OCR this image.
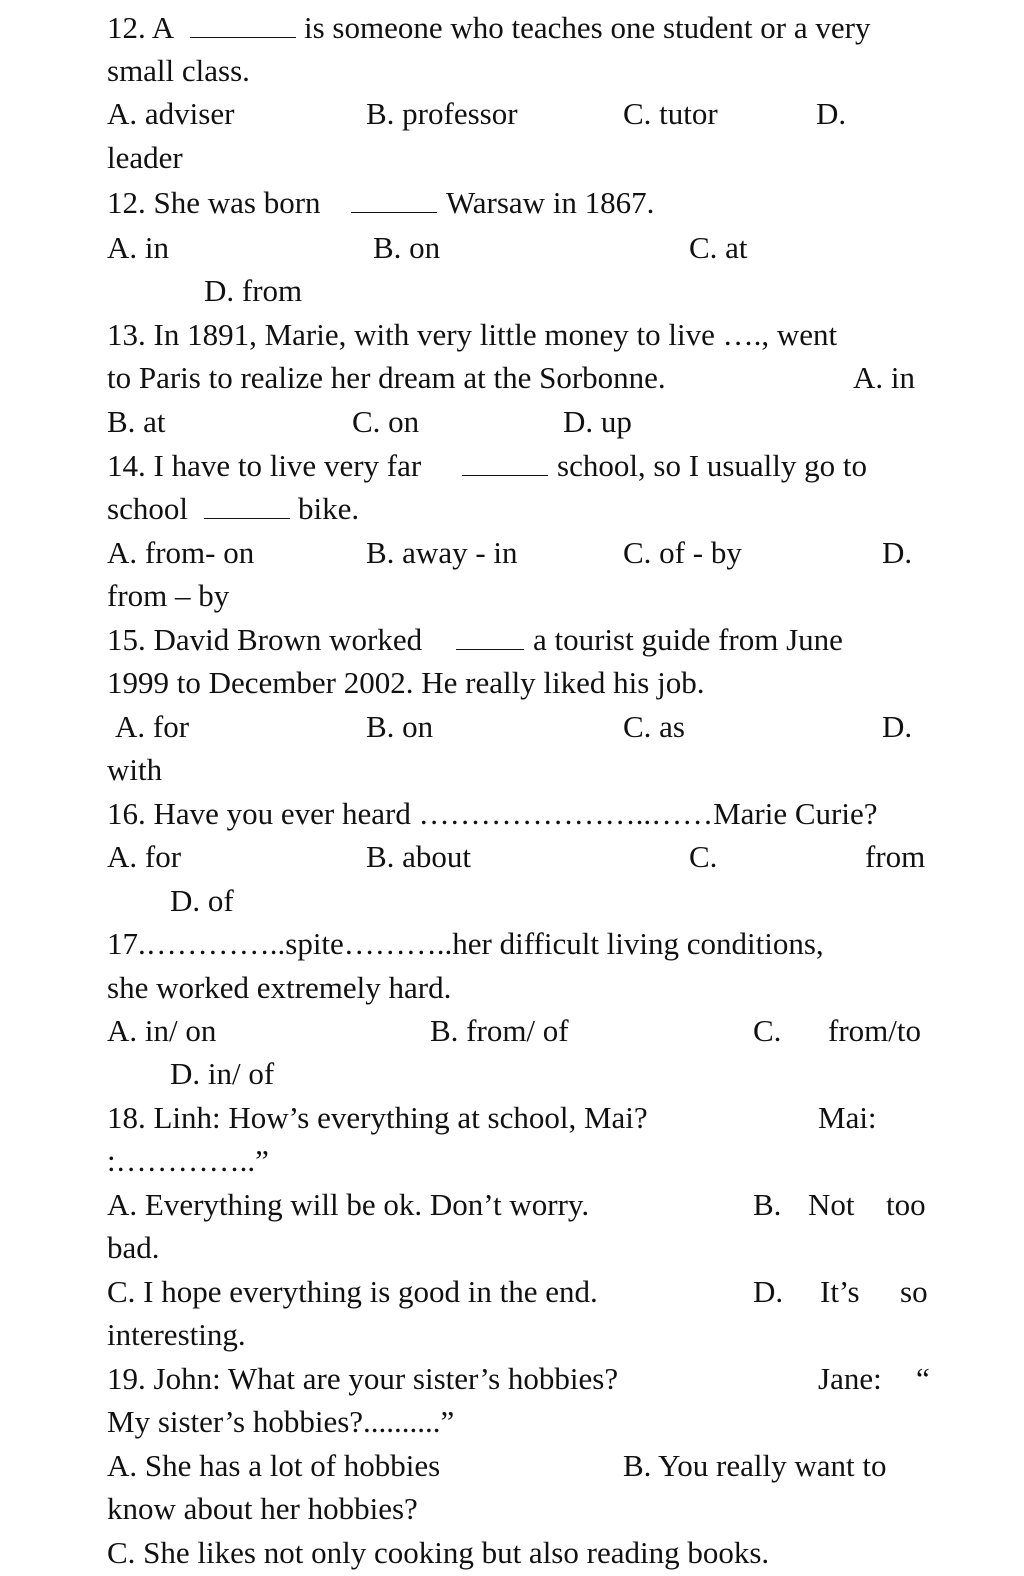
12. A	is someone who teaches one student or a very
small class.
A. adviser	B. professor	C. tutor	D.
leader
12. She was born	Warsaw in 1867.
A. in	B. on	C. at
D. from
13. In 1891, Marie, with very little money to live …., went
to Paris to realize her dream at the Sorbonne.	A. in
B. at	C. on	D. up
14. I have to live very far	school, so I usually go to
school	bike.
A. from- on	B. away - in	C. of - by	D.
from – by
15. David Brown worked	a tourist guide from June
1999 to December 2002. He really liked his job.
A. for	B. on	C. as	D.
with
16. Have you ever heard …………………..……Marie Curie?
A. for	B. about	C.	from
D. of
17.…………..spite………..her difficult living conditions,
she worked extremely hard.
A. in/ on	B. from/ of	C. from/to
D. in/ of
18. Linh: How’s everything at school, Mai?	Mai:
:…………..”
A. Everything will be ok. Don’t worry.	B. Not too
bad.
C. I hope everything is good in the end.	D. It’s so
interesting.
19. John: What are your sister’s hobbies?	Jane: “
My sister’s hobbies?..........”
A. She has a lot of hobbies	B. You really want to
know about her hobbies?
C. She likes not only cooking but also reading books.
